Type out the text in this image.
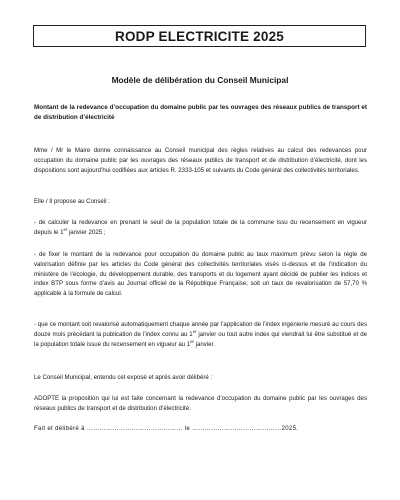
RODP ELECTRICITE 2025
Modèle de délibération du Conseil Municipal
Montant de la redevance d’occupation du domaine public par les ouvrages des réseaux publics de transport et de distribution d’électricité

Mme / Mr le Maire donne connaissance au Conseil municipal des règles relatives au calcul des redevances pour occupation du domaine public par les ouvrages des réseaux publics de transport et de distribution d’électricité, dont les dispositions sont aujourd’hui codifiées aux articles R. 2333-105 et suivants du Code général des collectivités territoriales.

Elle / Il propose au Conseil :

- de calculer la redevance en prenant le seuil de la population totale de la commune issu du recensement en vigueur depuis le 1er janvier 2025 ;

- de fixer le montant de la redevance pour occupation du domaine public au taux maximum prévu selon la règle de valorisation définie par les articles du Code général des collectivités territoriales visés ci-dessus et de l’indication du ministère de l’écologie, du développement durable, des transports et du logement ayant décidé de publier les indices et index BTP sous forme d’avis au Journal officiel de la République Française, soit un taux de revalorisation de 57,70 % applicable à la formule de calcul.

- que ce montant soit revalorisé automatiquement chaque année par l’application de l’index ingénierie mesuré au cours des douze mois précédant la publication de l’index connu au 1er janvier ou tout autre index qui viendrait lui être substitué et de la population totale issue du recensement en vigueur au 1er janvier.

Le Conseil Municipal, entendu cet exposé et après avoir délibéré :

ADOPTE la proposition qui lui est faite concernant la redevance d’occupation du domaine public par les ouvrages des réseaux publics de transport et de distribution d’électricité.

Fait et délibéré à ……………………………………… le ……………………………………2025.
